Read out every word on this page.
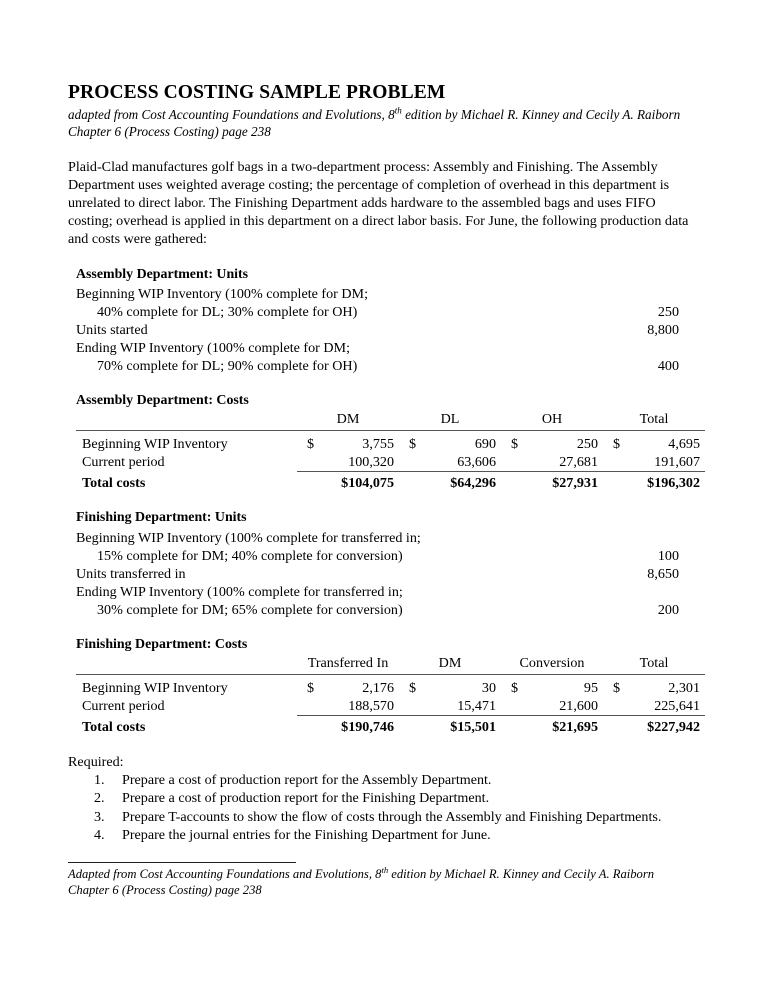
PROCESS COSTING SAMPLE PROBLEM

adapted from Cost Accounting Foundations and Evolutions, 8th edition by Michael R. Kinney and Cecily A. Raiborn
Chapter 6 (Process Costing) page 238

Plaid-Clad manufactures golf bags in a two-department process: Assembly and Finishing. The Assembly Department uses weighted average costing; the percentage of completion of overhead in this department is unrelated to direct labor. The Finishing Department adds hardware to the assembled bags and uses FIFO costing; overhead is applied in this department on a direct labor basis. For June, the following production data and costs were gathered:

Assembly Department: Units
Beginning WIP Inventory (100% complete for DM;	
40% complete for DL; 30% complete for OH)	250
Units started	8,800
Ending WIP Inventory (100% complete for DM;	
70% complete for DL; 90% complete for OH)	400
Assembly Department: Costs
	DM	DL	OH	Total

Beginning WIP Inventory	$ 3,755	$ 690	$ 250	$ 4,695
Current period	100,320	63,606	27,681	191,607

Total costs	$104,075	$64,296	$27,931	$196,302
Finishing Department: Units
Beginning WIP Inventory (100% complete for transferred in;	
15% complete for DM; 40% complete for conversion)	100
Units transferred in	8,650
Ending WIP Inventory (100% complete for transferred in;	
30% complete for DM; 65% complete for conversion)	200
Finishing Department: Costs
	Transferred In	DM	Conversion	Total

Beginning WIP Inventory	$ 2,176	$ 30	$ 95	$ 2,301
Current period	188,570	15,471	21,600	225,641

Total costs	$190,746	$15,501	$21,695	$227,942
Required:
1.	Prepare a cost of production report for the Assembly Department.
2.	Prepare a cost of production report for the Finishing Department.
3.	Prepare T-accounts to show the flow of costs through the Assembly and Finishing Departments.
4.	Prepare the journal entries for the Finishing Department for June.

Adapted from Cost Accounting Foundations and Evolutions, 8th edition by Michael R. Kinney and Cecily A. Raiborn
Chapter 6 (Process Costing) page 238
